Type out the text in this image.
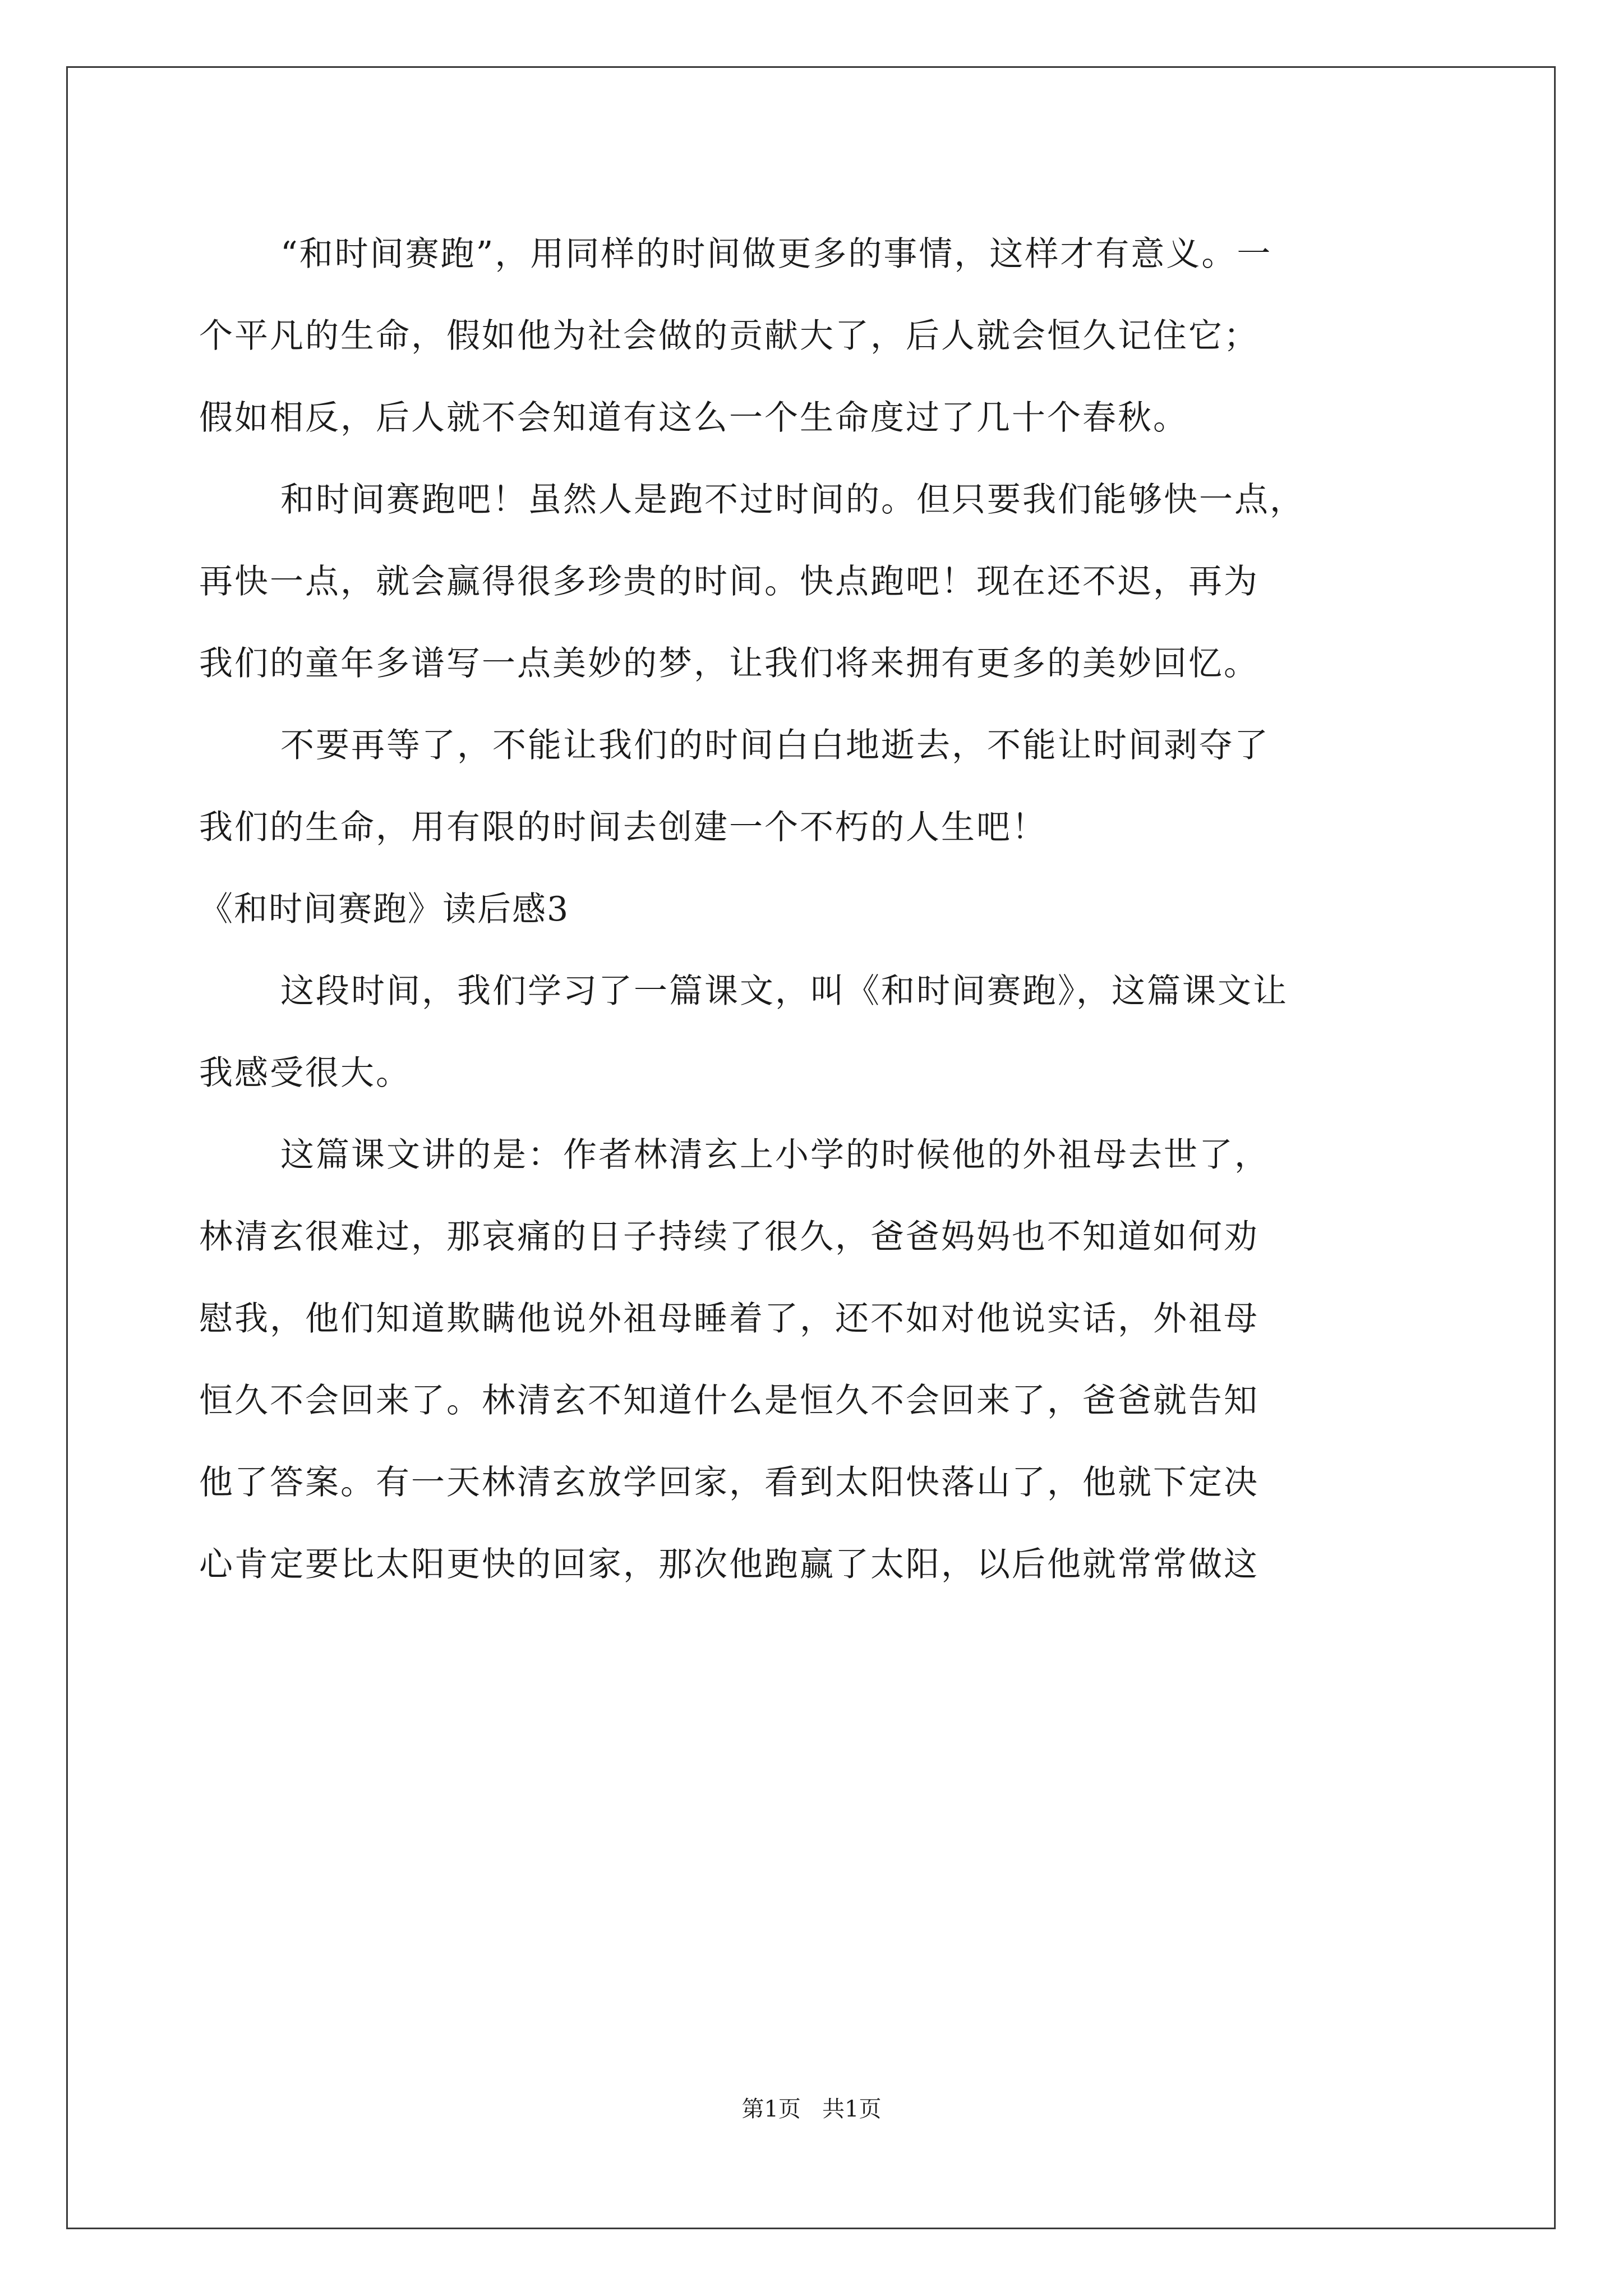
“和时间赛跑”，用同样的时间做更多的事情，这样才有意义。一
个平凡的生命，假如他为社会做的贡献大了，后人就会恒久记住它；
假如相反，后人就不会知道有这么一个生命度过了几十个春秋。
和时间赛跑吧！虽然人是跑不过时间的。但只要我们能够快一点，
再快一点，就会赢得很多珍贵的时间。快点跑吧！现在还不迟，再为
我们的童年多谱写一点美妙的梦，让我们将来拥有更多的美妙回忆。
不要再等了，不能让我们的时间白白地逝去，不能让时间剥夺了
我们的生命，用有限的时间去创建一个不朽的人生吧！
《和时间赛跑》读后感3
这段时间，我们学习了一篇课文，叫《和时间赛跑》，这篇课文让
我感受很大。
这篇课文讲的是：作者林清玄上小学的时候他的外祖母去世了，
林清玄很难过，那哀痛的日子持续了很久，爸爸妈妈也不知道如何劝
慰我，他们知道欺瞒他说外祖母睡着了，还不如对他说实话，外祖母
恒久不会回来了。林清玄不知道什么是恒久不会回来了，爸爸就告知
他了答案。有一天林清玄放学回家，看到太阳快落山了，他就下定决
心肯定要比太阳更快的回家，那次他跑赢了太阳，以后他就常常做这
第1页   共1页
